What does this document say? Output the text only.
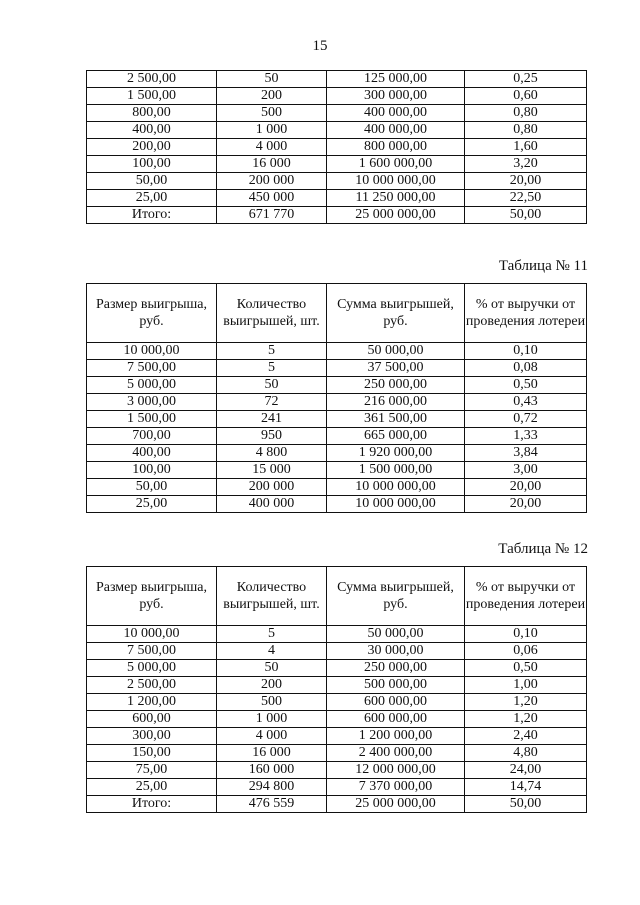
15
2 500,00	50	125 000,00	0,25
1 500,00	200	300 000,00	0,60
800,00	500	400 000,00	0,80
400,00	1 000	400 000,00	0,80
200,00	4 000	800 000,00	1,60
100,00	16 000	1 600 000,00	3,20
50,00	200 000	10 000 000,00	20,00
25,00	450 000	11 250 000,00	22,50
Итого:	671 770	25 000 000,00	50,00
Таблица № 11
Размер выигрыша, руб.	Количество выигрышей, шт.	Сумма выигрышей, руб.	% от выручки от проведения лотереи
10 000,00	5	50 000,00	0,10
7 500,00	5	37 500,00	0,08
5 000,00	50	250 000,00	0,50
3 000,00	72	216 000,00	0,43
1 500,00	241	361 500,00	0,72
700,00	950	665 000,00	1,33
400,00	4 800	1 920 000,00	3,84
100,00	15 000	1 500 000,00	3,00
50,00	200 000	10 000 000,00	20,00
25,00	400 000	10 000 000,00	20,00
Таблица № 12
Размер выигрыша, руб.	Количество выигрышей, шт.	Сумма выигрышей, руб.	% от выручки от проведения лотереи
10 000,00	5	50 000,00	0,10
7 500,00	4	30 000,00	0,06
5 000,00	50	250 000,00	0,50
2 500,00	200	500 000,00	1,00
1 200,00	500	600 000,00	1,20
600,00	1 000	600 000,00	1,20
300,00	4 000	1 200 000,00	2,40
150,00	16 000	2 400 000,00	4,80
75,00	160 000	12 000 000,00	24,00
25,00	294 800	7 370 000,00	14,74
Итого:	476 559	25 000 000,00	50,00
